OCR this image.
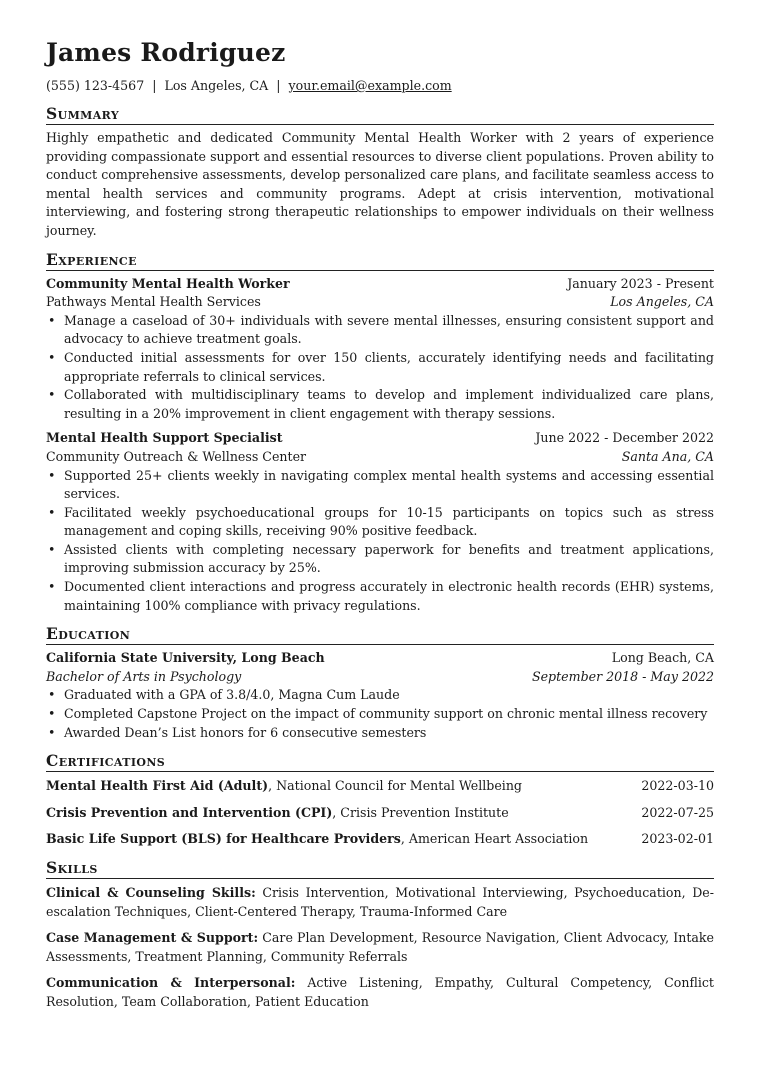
James Rodriguez
(555) 123-4567 | Los Angeles, CA | your.email@example.com
Summary
Highly empathetic and dedicated Community Mental Health Worker with 2 years of experience providing compassionate support and essential resources to diverse client populations. Proven ability to conduct comprehensive assessments, develop personalized care plans, and facilitate seamless access to mental health services and community programs. Adept at crisis intervention, motivational interviewing, and fostering strong therapeutic relationships to empower individuals on their wellness journey.
Experience
Community Mental Health Worker	January 2023 - Present
Pathways Mental Health Services	Los Angeles, CA
• Manage a caseload of 30+ individuals with severe mental illnesses, ensuring consistent support and advocacy to achieve treatment goals.
• Conducted initial assessments for over 150 clients, accurately identifying needs and facilitating appropriate referrals to clinical services.
• Collaborated with multidisciplinary teams to develop and implement individualized care plans, resulting in a 20% improvement in client engagement with therapy sessions.
Mental Health Support Specialist	June 2022 - December 2022
Community Outreach & Wellness Center	Santa Ana, CA
• Supported 25+ clients weekly in navigating complex mental health systems and accessing essential services.
• Facilitated weekly psychoeducational groups for 10-15 participants on topics such as stress management and coping skills, receiving 90% positive feedback.
• Assisted clients with completing necessary paperwork for benefits and treatment applications, improving submission accuracy by 25%.
• Documented client interactions and progress accurately in electronic health records (EHR) systems, maintaining 100% compliance with privacy regulations.
Education
California State University, Long Beach	Long Beach, CA
Bachelor of Arts in Psychology	September 2018 - May 2022
• Graduated with a GPA of 3.8/4.0, Magna Cum Laude
• Completed Capstone Project on the impact of community support on chronic mental illness recovery
• Awarded Dean’s List honors for 6 consecutive semesters
Certifications
Mental Health First Aid (Adult), National Council for Mental Wellbeing	2022-03-10
Crisis Prevention and Intervention (CPI), Crisis Prevention Institute	2022-07-25
Basic Life Support (BLS) for Healthcare Providers, American Heart Association	2023-02-01
Skills
Clinical & Counseling Skills: Crisis Intervention, Motivational Interviewing, Psychoeducation, De-escalation Techniques, Client-Centered Therapy, Trauma-Informed Care
Case Management & Support: Care Plan Development, Resource Navigation, Client Advocacy, Intake Assessments, Treatment Planning, Community Referrals
Communication & Interpersonal: Active Listening, Empathy, Cultural Competency, Conflict Resolution, Team Collaboration, Patient Education
